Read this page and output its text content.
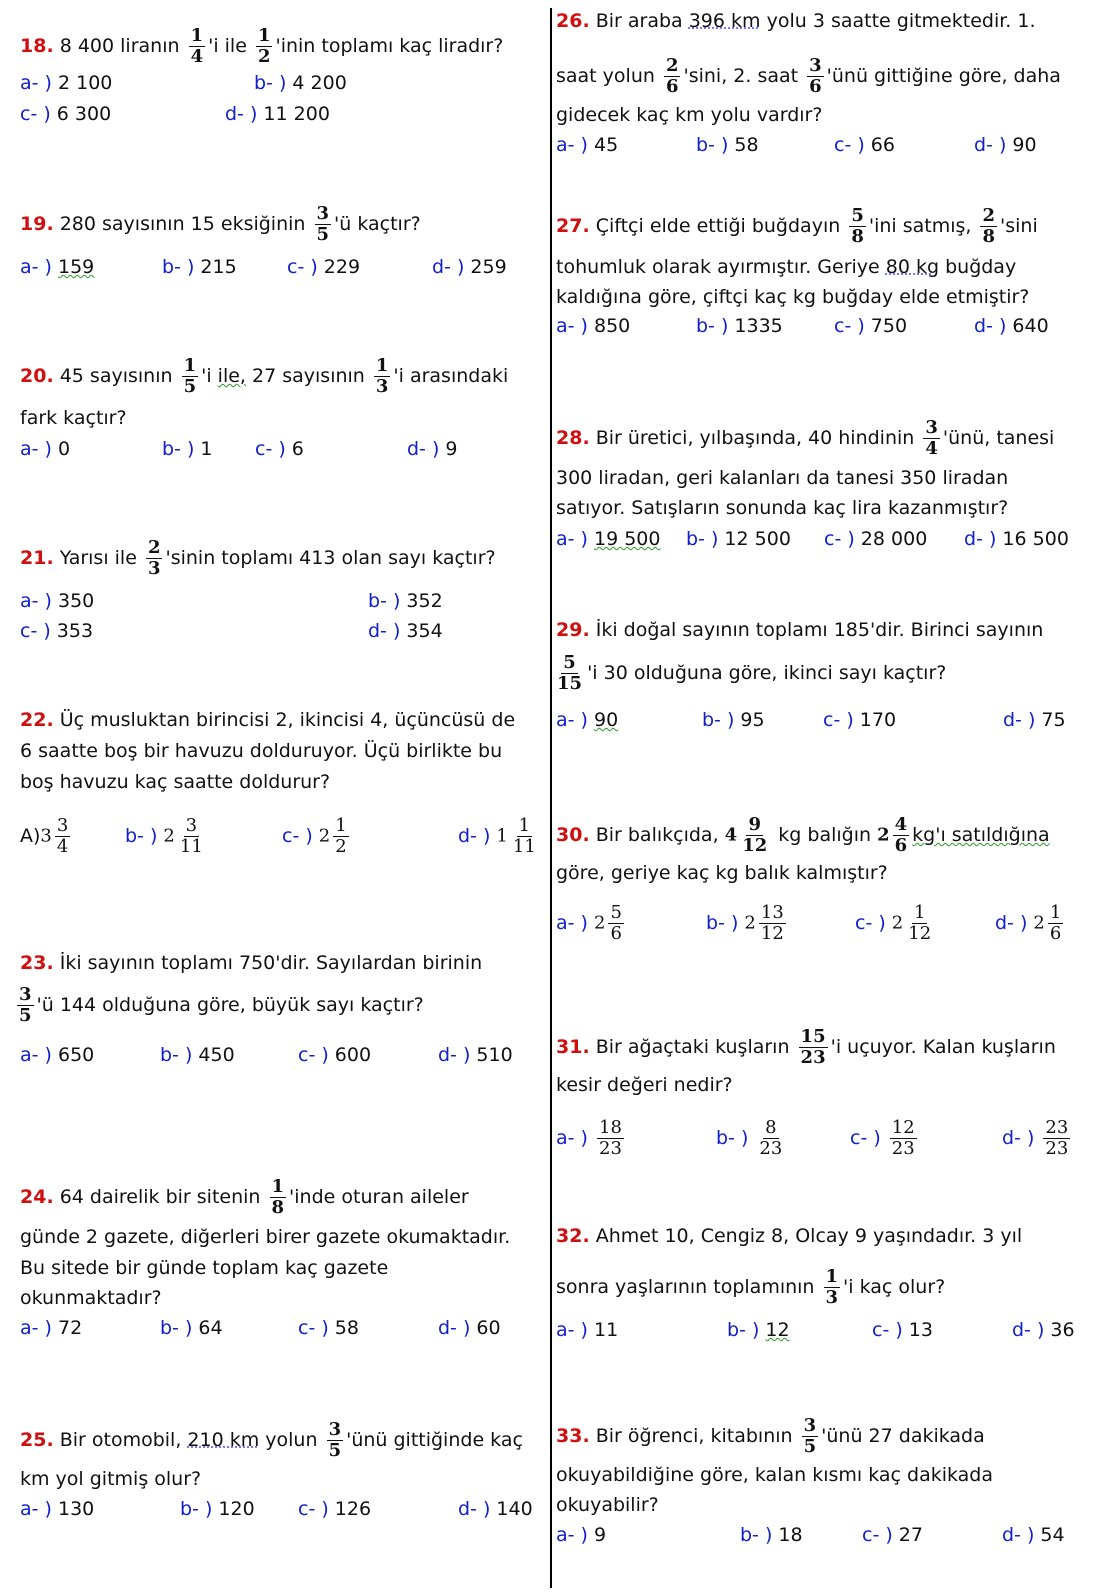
18. 8 400 liranın $\frac{1}{4}$ 'i ile $\frac{1}{2}$ 'inin toplamı kaç liradır?
a- ) 2 100	b- ) 4 200
c- ) 6 300	d- ) 11 200
19. 280 sayısının 15 eksiğinin $\frac{3}{5}$ 'ü kaçtır?
a- ) 159	b- ) 215	c- ) 229	d- ) 259
20. 45 sayısının $\frac{1}{5}$ 'i ile, 27 sayısının $\frac{1}{3}$ 'i arasındaki
fark kaçtır?
a- ) 0	b- ) 1 c- ) 6	d- ) 9
21. Yarısı ile $\frac{2}{3}$ 'sinin toplamı 413 olan sayı kaçtır?
a- ) 350	b- ) 352
c- ) 353	d- ) 354
22. Üç musluktan birincisi 2, ikincisi 4, üçüncüsü de
6 saatte boş bir havuzu dolduruyor. Üçü birlikte bu
boş havuzu kaç saatte doldurur?
$A)3 \frac{3}{4}$	b- ) $2 \frac{3}{11}$	c- ) $2 \frac{1}{2}$	d- ) $1 \frac{1}{11}$
23. İki sayının toplamı 750'dir. Sayılardan birinin
$\frac{3}{5}$ 'ü 144 olduğuna göre, büyük sayı kaçtır?
a- ) 650	b- ) 450	c- ) 600	d- ) 510
24. 64 dairelik bir sitenin $\frac{1}{8}$ 'inde oturan aileler
günde 2 gazete, diğerleri birer gazete okumaktadır.
Bu sitede bir günde toplam kaç gazete
okunmaktadır?
a- ) 72	b- ) 64	c- ) 58	d- ) 60
25. Bir otomobil, 210 km yolun $\frac{3}{5}$ 'ünü gittiğinde kaç
km yol gitmiş olur?
a- ) 130	b- ) 120 c- ) 126	d- ) 140
26. Bir araba 396 km yolu 3 saatte gitmektedir. 1.
saat yolun $\frac{2}{6}$ 'sini, 2. saat $\frac{3}{6}$ 'ünü gittiğine göre, daha
gidecek kaç km yolu vardır?
a- ) 45	b- ) 58	c- ) 66	d- ) 90
27. Çiftçi elde ettiği buğdayın $\frac{5}{8}$ 'ini satmış, $\frac{2}{8}$ 'sini
tohumluk olarak ayırmıştır. Geriye 80 kg buğday
kaldığına göre, çiftçi kaç kg buğday elde etmiştir?
a- ) 850	b- ) 1335	c- ) 750	d- ) 640
28. Bir üretici, yılbaşında, 40 hindinin $\frac{3}{4}$ 'ünü, tanesi
300 liradan, geri kalanları da tanesi 350 liradan
satıyor. Satışların sonunda kaç lira kazanmıştır?
a- ) 19 500 b- ) 12 500 c- ) 28 000 d- ) 16 500
29. İki doğal sayının toplamı 185'dir. Birinci sayının
$\frac{5}{15}$ 'i 30 olduğuna göre, ikinci sayı kaçtır?
a- ) 90	b- ) 95	c- ) 170	d- ) 75
30. Bir balıkçıda, $4 \frac{9}{12}$ kg balığın $2 \frac{4}{6}$ kg'ı satıldığına
göre, geriye kaç kg balık kalmıştır?
a- ) $2 \frac{5}{6}$	b- ) $2 \frac{13}{12}$	c- ) $2 \frac{1}{12}$	d- ) $2 \frac{1}{6}$
31. Bir ağaçtaki kuşların $\frac{15}{23}$ 'i uçuyor. Kalan kuşların
kesir değeri nedir?
a- ) $\frac{18}{23}$	b- ) $\frac{8}{23}$	c- ) $\frac{12}{23}$	d- ) $\frac{23}{23}$
32. Ahmet 10, Cengiz 8, Olcay 9 yaşındadır. 3 yıl
sonra yaşlarının toplamının $\frac{1}{3}$ 'i kaç olur?
a- ) 11	b- ) 12	c- ) 13	d- ) 36
33. Bir öğrenci, kitabının $\frac{3}{5}$ 'ünü 27 dakikada
okuyabildiğine göre, kalan kısmı kaç dakikada
okuyabilir?
a- ) 9	b- ) 18	c- ) 27	d- ) 54
